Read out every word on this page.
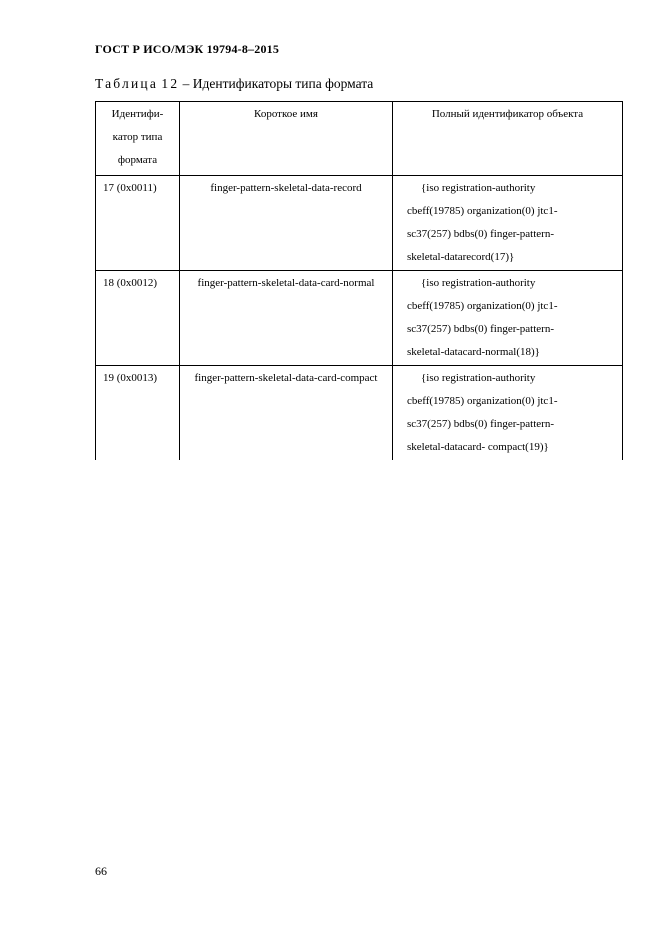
ГОСТ Р ИСО/МЭК 19794-8–2015
Таблица 12 – Идентификаторы типа формата
Идентифи-катор типа формата	Короткое имя	Полный идентификатор объекта
17 (0x0011)	finger-pattern-skeletal-data-record	{iso registration-authority cbeff(19785) organization(0) jtc1-sc37(257) bdbs(0) finger-pattern-skeletal-datarecord(17)}
18 (0x0012)	finger-pattern-skeletal-data-card-normal	{iso registration-authority cbeff(19785) organization(0) jtc1-sc37(257) bdbs(0) finger-pattern-skeletal-datacard-normal(18)}
19 (0x0013)	finger-pattern-skeletal-data-card-compact	{iso registration-authority cbeff(19785) organization(0) jtc1-sc37(257) bdbs(0) finger-pattern-skeletal-datacard- compact(19)}
66
